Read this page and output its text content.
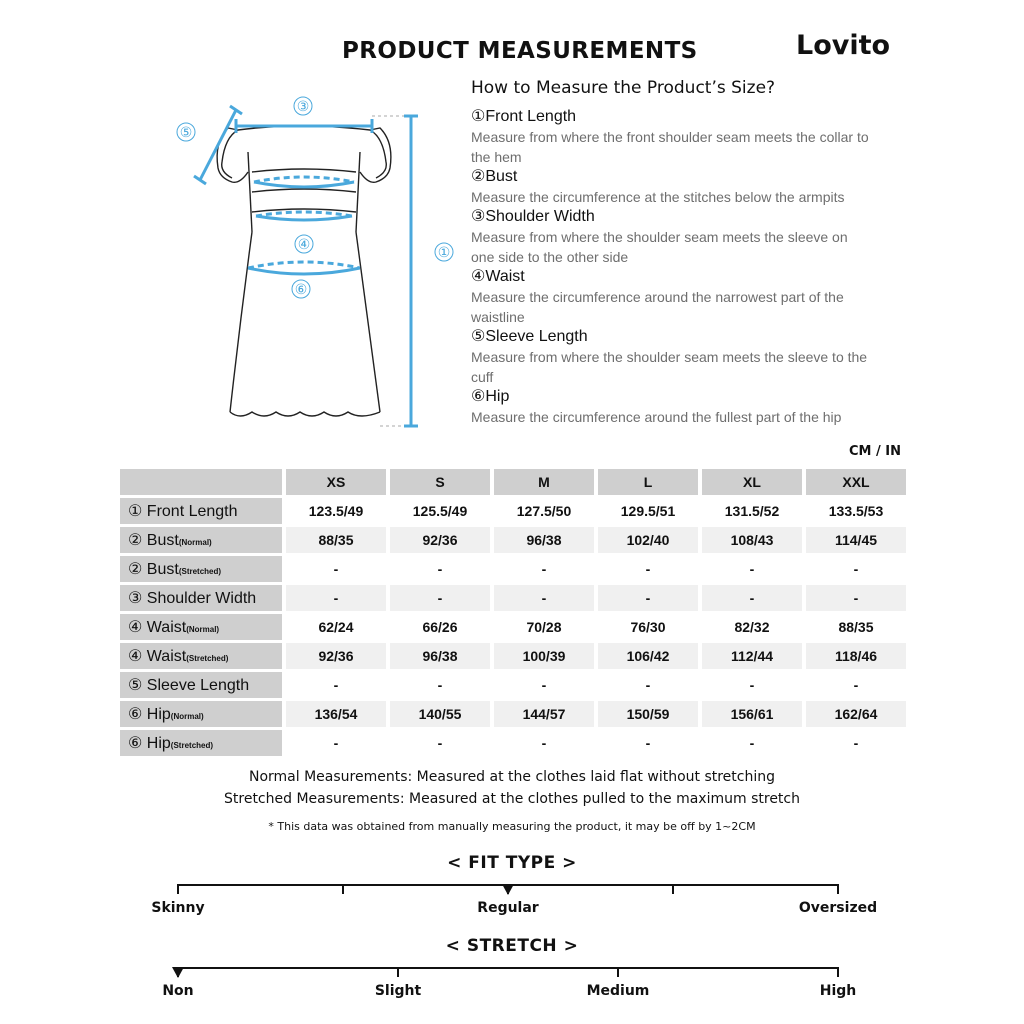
PRODUCT MEASUREMENTS	Lovito
③
⑤
④
⑥
①
How to Measure the Product’s Size?
①Front Length
Measure from where the front shoulder seam meets the collar to the hem
②Bust
Measure the circumference at the stitches below the armpits
③Shoulder Width
Measure from where the shoulder seam meets the sleeve on one side to the other side
④Waist
Measure the circumference around the narrowest part of the waistline
⑤Sleeve Length
Measure from where the shoulder seam meets the sleeve to the cuff
⑥Hip
Measure the circumference around the fullest part of the hip
CM / IN
	XS	S	M	L	XL	XXL
① Front Length	123.5/49	125.5/49	127.5/50	129.5/51	131.5/52	133.5/53
② Bust(Normal)	88/35	92/36	96/38	102/40	108/43	114/45
② Bust(Stretched)	-	-	-	-	-	-
③ Shoulder Width	-	-	-	-	-	-
④ Waist(Normal)	62/24	66/26	70/28	76/30	82/32	88/35
④ Waist(Stretched)	92/36	96/38	100/39	106/42	112/44	118/46
⑤ Sleeve Length	-	-	-	-	-	-
⑥ Hip(Normal)	136/54	140/55	144/57	150/59	156/61	162/64
⑥ Hip(Stretched)	-	-	-	-	-	-
Normal Measurements: Measured at the clothes laid flat without stretching
Stretched Measurements: Measured at the clothes pulled to the maximum stretch
* This data was obtained from manually measuring the product, it may be off by 1~2CM
< FIT TYPE >
Skinny	Regular	Oversized
< STRETCH >
Non	Slight	Medium	High
